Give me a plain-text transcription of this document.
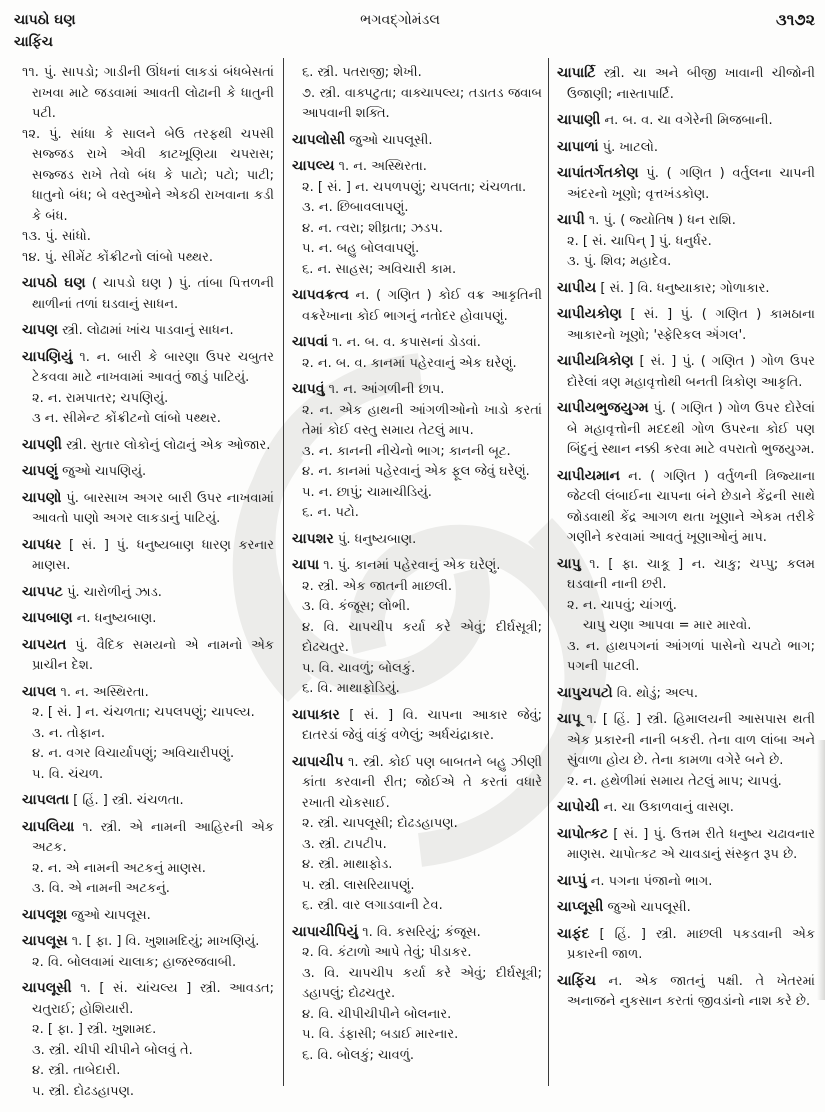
ચાપઠો ઘણ
ચાફિંચ
ભગવદ્ગોમંડલ	૩૧૭૨

૧૧. પું. સાપડો; ગાડીની ઊંધનાં લાકડાં બંધબેસતાં રાખવા માટે જડવામાં આવતી લોઢાની કે ધાતુની પટી.

૧૨. પું. સાંધા કે સાલને બેઉ તરફથી ચપસી સજ્જડ રાખે એવી કાટખૂણિયા ચપરાસ; સજ્જડ રાખે તેવો બંધ કે પાટો; પટો; પાટી; ધાતુનો બંધ; બે વસ્તુઓને એકઠી રાખવાના કડી કે બંધ.

૧૩. પું. સાંધો.

૧૪. પું. સીમેંટ કોંક્રીટનો લાંબો પથ્થર.

ચાપઠો ઘણ ( ચાપડો ઘણ ) પું. તાંબા પિત્તળની થાળીનાં તળાં ઘડવાનું સાધન.

ચાપણ સ્ત્રી. લોઢામાં ખાંચ પાડવાનું સાધન.

ચાપણિયું ૧. ન. બારી કે બારણા ઉપર ચબુતર ટેકવવા માટે નાખવામાં આવતું જાડું પાટિયું.

૨. ન. રામપાતર; ચપણિયું.

૩ ન. સીમેન્ટ કોંક્રીટનો લાંબો પથ્થર.

ચાપણી સ્ત્રી. સુતાર લોકોનું લોઢાનું એક ઓજાર.

ચાપણું જુઓ ચાપણિયું.

ચાપણો પું. બારસાખ અગર બારી ઉપર નાખવામાં આવતો પાણો અગર લાકડાનું પાટિયું.

ચાપધર [ સં. ] પું. ધનુષ્યબાણ ધારણ કરનાર માણસ.

ચાપપટ પું. ચારોળીનું ઝાડ.

ચાપબાણ ન. ધનુષ્યબાણ.

ચાપયત પું. વૈદિક સમયનો એ નામનો એક પ્રાચીન દેશ.

ચાપલ ૧. ન. અસ્થિરતા.

૨. [ સં. ] ન. ચંચળતા; ચપલપણું; ચાપલ્ય.

૩. ન. તોફાન.

૪. ન. વગર વિચાર્યાપણું; અવિચારીપણું.

૫. વિ. ચંચળ.

ચાપલતા [ હિં. ] સ્ત્રી. ચંચળતા.

ચાપલિયા ૧. સ્ત્રી. એ નામની આહિરની એક અટક.

૨. ન. એ નામની અટકનું માણસ.

૩. વિ. એ નામની અટકનું.

ચાપલૂશ જુઓ ચાપલૂસ.

ચાપલૂસ ૧. [ ફા. ] વિ. ખુશામદિયું; માખણિયું.

૨. વિ. બોલવામાં ચાલાક; હાજરજવાબી.

ચાપલૂસી ૧. [ સં. ચાંચલ્ય ] સ્ત્રી. આવડત; ચતુરાઈ; હોશિયારી.

૨. [ ફા. ] સ્ત્રી. ખુશામદ.

૩. સ્ત્રી. ચીપી ચીપીને બોલવું તે.

૪. સ્ત્રી. તાબેદારી.

૫. સ્ત્રી. દોઢડહાપણ.

૬. સ્ત્રી. પતરાજી; શેખી.

૭. સ્ત્રી. વાક્પટુતા; વાક્ચાપલ્ય; તડાતડ જવાબ આપવાની શક્તિ.

ચાપલોસી જુઓ ચાપલૂસી.

ચાપલ્ય ૧. ન. અસ્થિરતા.

૨. [ સં. ] ન. ચપળપણું; ચપલતા; ચંચળતા.

૩. ન. છિબાવલાપણું.

૪. ન. ત્વરા; શીઘ્રતા; ઝડપ.

૫. ન. બહુ બોલવાપણું.

૬. ન. સાહસ; અવિચારી કામ.

ચાપવક્રત્વ ન. ( ગણિત ) કોઈ વક્ર આકૃતિની વક્રરેખાના કોઈ ભાગનું નતોદર હોવાપણું.

ચાપવાં ૧. ન. બ. વ. કપાસનાં ડોડવાં.

૨. ન. બ. વ. કાનમાં પહેરવાનું એક ઘરેણું.

ચાપવું ૧. ન. આંગળીની છાપ.

૨. ન. એક હાથની આંગળીઓનો ખાડો કરતાં તેમાં કોઈ વસ્તુ સમાય તેટલું માપ.

૩. ન. કાનની નીચેનો ભાગ; કાનની બૂટ.

૪. ન. કાનમાં પહેરવાનું એક ફૂલ જેવું ઘરેણું.

૫. ન. છાપું; ચામાચીડિયું.

૬. ન. પટો.

ચાપશર પું. ધનુષ્યબાણ.

ચાપા ૧. પું. કાનમાં પહેરવાનું એક ઘરેણું.

૨. સ્ત્રી. એક જાતની માછલી.

૩. વિ. કંજૂસ; લોભી.

૪. વિ. ચાપચીપ કર્યા કરે એવું; દીર્ઘસૂત્રી; દોઢચતુર.

૫. વિ. ચાવળું; બોલકું.

૬. વિ. માથાફોડિયું.

ચાપાકાર [ સં. ] વિ. ચાપના આકાર જેવું; દાતરડાં જેવું વાંકું વળેલું; અર્ધચંદ્રાકાર.

ચાપાચીપ ૧. સ્ત્રી. કોઈ પણ બાબતને બહુ ઝીણી કાંતા કરવાની રીત; જોઈએ તે કરતાં વધારે રખાતી ચોકસાઈ.

૨. સ્ત્રી. ચાપલૂસી; દોઢડહાપણ.

૩. સ્ત્રી. ટાપટીપ.

૪. સ્ત્રી. માથાફોડ.

૫. સ્ત્રી. લાસરિયાપણું.

૬. સ્ત્રી. વાર લગાડવાની ટેવ.

ચાપાચીપિયું ૧. વિ. કસરિયું; કંજૂસ.

૨. વિ. કંટાળો આપે તેવું; પીડાકર.

૩. વિ. ચાપચીપ કર્યા કરે એવું; દીર્ઘસૂત્રી; ડહાપલું; દોઢચતુર.

૪. વિ. ચીપીચીપીને બોલનાર.

૫. વિ. ડંફાસી; બડાઈ મારનાર.

૬. વિ. બોલકું; ચાવળું.

ચાપાર્ટિ સ્ત્રી. ચા અને બીજી ખાવાની ચીજોની ઉજાણી; નાસ્તાપાર્ટિ.

ચાપાણી ન. બ. વ. ચા વગેરેની મિજબાની.

ચાપાળાં પું. ખાટલો.

ચાપાંતર્ગતકોણ પું. ( ગણિત ) વર્તુલના ચાપની અંદરનો ખૂણો; વૃત્તખંડકોણ.

ચાપી ૧. પું. ( જ્યોતિષ ) ધન રાશિ.

૨. [ સં. ચાપિન્ ] પું. ધનુર્ધર.

૩. પું. શિવ; મહાદેવ.

ચાપીય [ સં. ] વિ. ધનુષ્યાકાર; ગોળાકાર.

ચાપીયકોણ [ સં. ] પું. ( ગણિત ) કામઠાના આકારનો ખૂણો; 'સ્ફેરિકલ ઍંગલ'.

ચાપીયત્રિકોણ [ સં. ] પું. ( ગણિત ) ગોળ ઉપર દોરેલાં ત્રણ મહાવૃત્તોથી બનતી ત્રિકોણ આકૃતિ.

ચાપીયભુજયુગ્મ પું. ( ગણિત ) ગોળ ઉપર દોરેલાં બે મહાવૃત્તોની મદદથી ગોળ ઉપરના કોઈ પણ બિંદુનું સ્થાન નક્કી કરવા માટે વપરાતો ભુજયુગ્મ.

ચાપીયમાન ન. ( ગણિત ) વર્તુળની ત્રિજ્યાના જેટલી લંબાઈના ચાપના બંને છેડાને કેંદ્રની સાથે જોડવાથી કેંદ્ર આગળ થતા ખૂણાને એકમ તરીકે ગણીને કરવામાં આવતું ખૂણાઓનું માપ.

ચાપુ ૧. [ ફા. ચાકૂ ] ન. ચાકુ; ચપ્પુ; કલમ ઘડવાની નાની છરી.

૨. ન. ચાપવું; ચાંગળું.

ચાપુ ચણા આપવા = માર મારવો.

૩. ન. હાથપગનાં આંગળાં પાસેનો ચપટો ભાગ; પગની પાટલી.

ચાપુચપટો વિ. થોડું; અલ્પ.

ચાપૂ ૧. [ હિં. ] સ્ત્રી. હિમાલયની આસપાસ થતી એક પ્રકારની નાની બકરી. તેના વાળ લાંબા અને સુંવાળા હોય છે. તેના કામળા વગેરે બને છે.

૨. ન. હથેળીમાં સમાય તેટલું માપ; ચાપવું.

ચાપોચી ન. ચા ઉકાળવાનું વાસણ.

ચાપોત્કટ [ સં. ] પું. ઉત્તમ રીતે ધનુષ્ય ચઢાવનાર માણસ. ચાપોત્કટ એ ચાવડાનું સંસ્કૃત રૂપ છે.

ચાપ્પું ન. પગના પંજાનો ભાગ.

ચાપ્લૂસી જુઓ ચાપલૂસી.

ચાફંદ [ હિં. ] સ્ત્રી. માછલી પકડવાની એક પ્રકારની જાળ.

ચાફિંચ ન. એક જાતનું પક્ષી. તે ખેતરમાં અનાજને નુકસાન કરતાં જીવડાંનો નાશ કરે છે.
